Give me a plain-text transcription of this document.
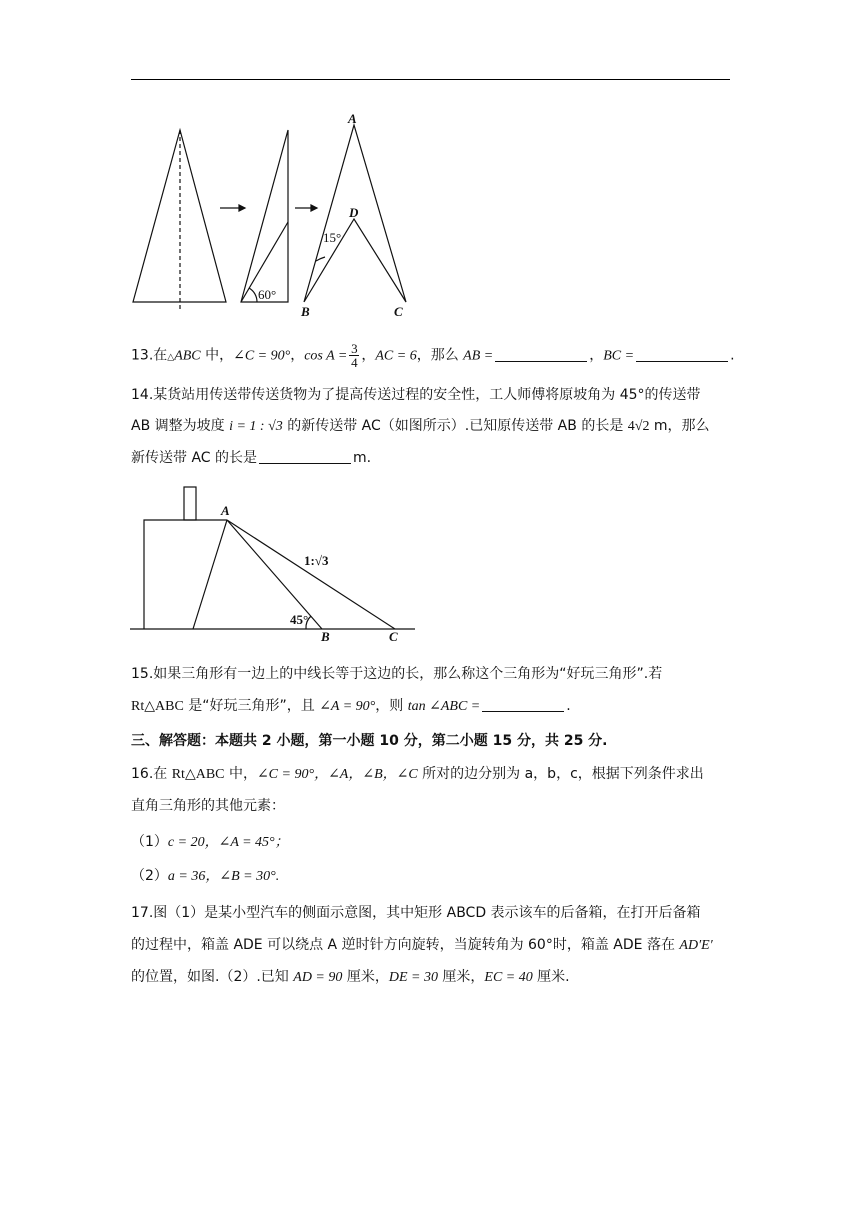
60°
15°
A
D
B	C
13.在△ABC 中，∠C = 90°，$\cos A = \frac{3}{4}$ ，AC = 6，那么 AB =	，BC =	.
14.某货站用传送带传送货物为了提高传送过程的安全性，工人师傅将原坡角为 45°的传送带
AB 调整为坡度 i = 1 : √3 的新传送带 AC（如图所示）.已知原传送带 AB 的长是 4√2 m，那么
新传送带 AC 的长是	m.
A
B	C
45°
1:√3
15.如果三角形有一边上的中线长等于这边的长，那么称这个三角形为“好玩三角形”.若
Rt△ABC 是“好玩三角形”，且 ∠A = 90°，则 tan ∠ABC =	.
三、解答题：本题共 2 小题，第一小题 10 分，第二小题 15 分，共 25 分.
16.在 Rt△ABC 中，∠C = 90°，∠A，∠B，∠C 所对的边分别为 a，b，c，根据下列条件求出
直角三角形的其他元素：
（1）c = 20，∠A = 45°；
（2）a = 36，∠B = 30°.
17.图（1）是某小型汽车的侧面示意图，其中矩形 ABCD 表示该车的后备箱，在打开后备箱
的过程中，箱盖 ADE 可以绕点 A 逆时针方向旋转，当旋转角为 60°时，箱盖 ADE 落在 AD′E′
的位置，如图.（2）.已知 AD = 90 厘米，DE = 30 厘米，EC = 40 厘米.
